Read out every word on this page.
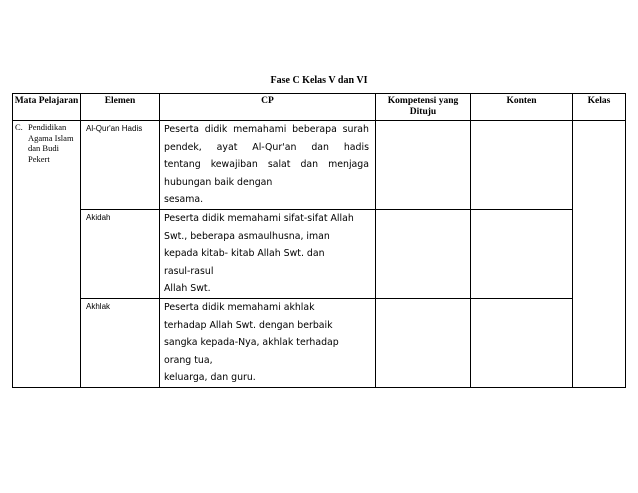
Fase C Kelas V dan VI
Mata Pelajaran	Elemen	CP	Kompetensi yang Dituju	Konten	Kelas

C. Pendidikan Agama Islam dan Budi Pekert	Al-Qur'an Hadis	Peserta didik memahami beberapa surah
pendek, ayat Al-Qur'an dan hadis
tentang kewajiban salat dan menjaga
hubungan baik dengan
sesama.			

	Akidah	Peserta didik memahami sifat-sifat Allah
Swt., beberapa asmaulhusna, iman
kepada kitab- kitab Allah Swt. dan
rasul-rasul
Allah Swt.			

	Akhlak	Peserta didik memahami akhlak
terhadap Allah Swt. dengan berbaik
sangka kepada-Nya, akhlak terhadap
orang tua,
keluarga, dan guru.			
